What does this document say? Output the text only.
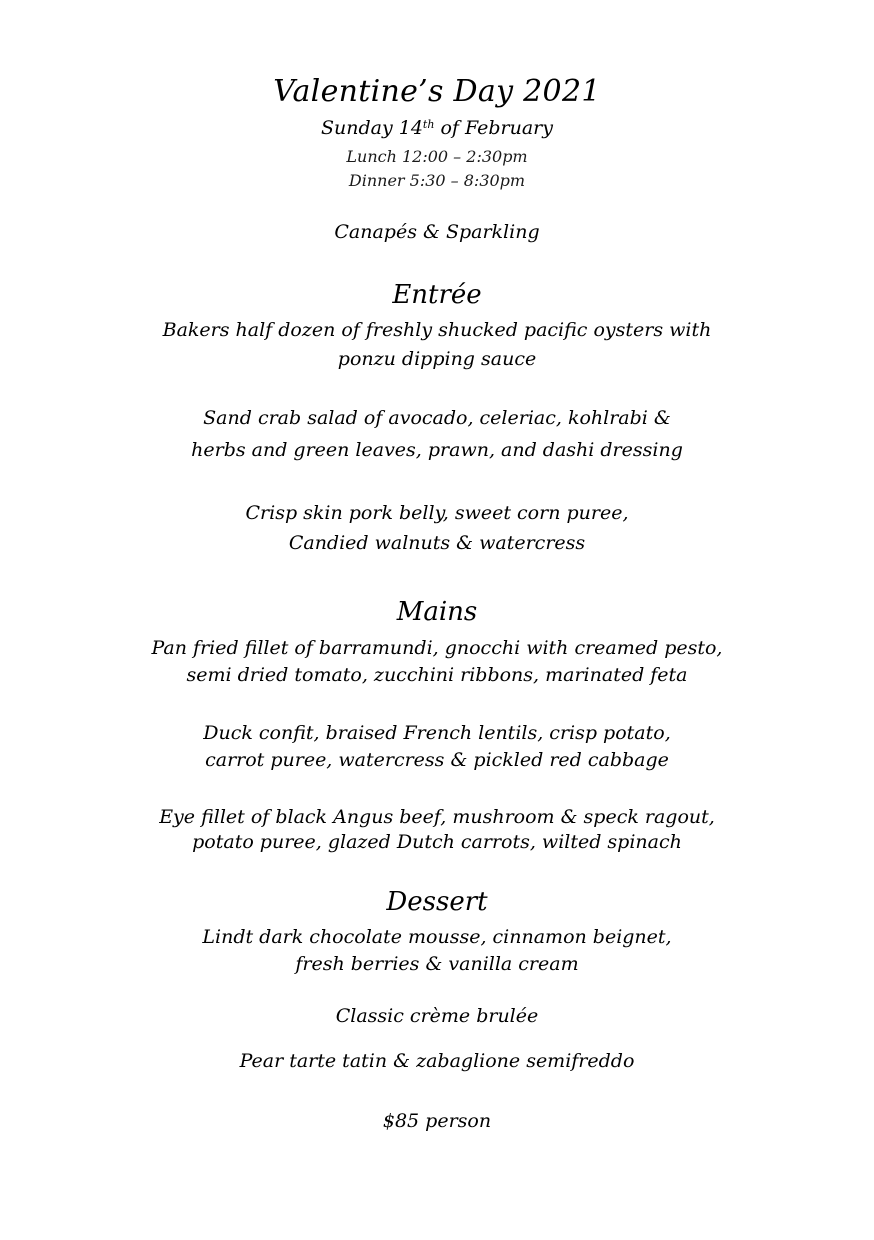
Valentine’s Day 2021
Sunday 14th of February
Lunch 12:00 – 2:30pm
Dinner 5:30 – 8:30pm
Canapés & Sparkling
Entrée
Bakers half dozen of freshly shucked pacific oysters with
ponzu dipping sauce
Sand crab salad of avocado, celeriac, kohlrabi &
herbs and green leaves, prawn, and dashi dressing
Crisp skin pork belly, sweet corn puree,
Candied walnuts & watercress
Mains
Pan fried fillet of barramundi, gnocchi with creamed pesto,
semi dried tomato, zucchini ribbons, marinated feta
Duck confit, braised French lentils, crisp potato,
carrot puree, watercress & pickled red cabbage
Eye fillet of black Angus beef, mushroom & speck ragout,
potato puree, glazed Dutch carrots, wilted spinach
Dessert
Lindt dark chocolate mousse, cinnamon beignet,
fresh berries & vanilla cream
Classic crème brulée
Pear tarte tatin & zabaglione semifreddo
$85 person
